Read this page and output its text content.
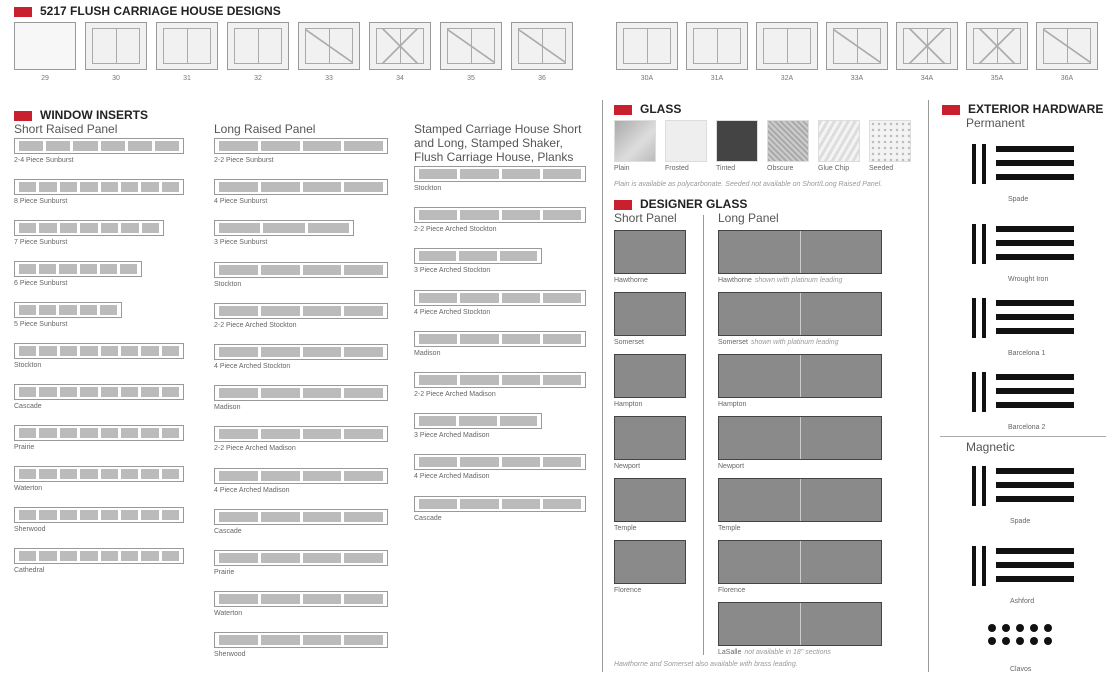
5217 FLUSH CARRIAGE HOUSE DESIGNS
29	30	31	32	33	34	35	36	30A	31A	32A	33A	34A	35A	36A
WINDOW INSERTS
Short Raised Panel	Long Raised Panel	Stamped Carriage House Short and Long, Stamped Shaker, Flush Carriage House, Planks
2-4 Piece Sunburst
8 Piece Sunburst
7 Piece Sunburst
6 Piece Sunburst
5 Piece Sunburst
Stockton
Cascade
Prairie
Waterton
Sherwood
Cathedral
2-2 Piece Sunburst
4 Piece Sunburst
3 Piece Sunburst
Stockton
2-2 Piece Arched Stockton
4 Piece Arched Stockton
Madison
2-2 Piece Arched Madison
4 Piece Arched Madison
Cascade
Prairie
Waterton
Sherwood
Stockton
2-2 Piece Arched Stockton
3 Piece Arched Stockton
4 Piece Arched Stockton
Madison
2-2 Piece Arched Madison
3 Piece Arched Madison
4 Piece Arched Madison
Cascade
GLASS
Plain	Frosted	Tinted	Obscure	Glue Chip	Seeded
Plain is available as polycarbonate. Seeded not available on Short/Long Raised Panel.
DESIGNER GLASS
Short Panel	Long Panel
Hawthorne
Somerset
Hampton
Newport
Temple
Florence
Hawthorne shown with platinum leading
Somerset shown with platinum leading
Hampton
Newport
Temple
Florence
LaSalle not available in 18" sections
Hawthorne and Somerset also available with brass leading.
EXTERIOR HARDWARE
Permanent
Magnetic
Spade
Wrought Iron
Barcelona 1
Barcelona 2
Spade
Ashford
Clavos
